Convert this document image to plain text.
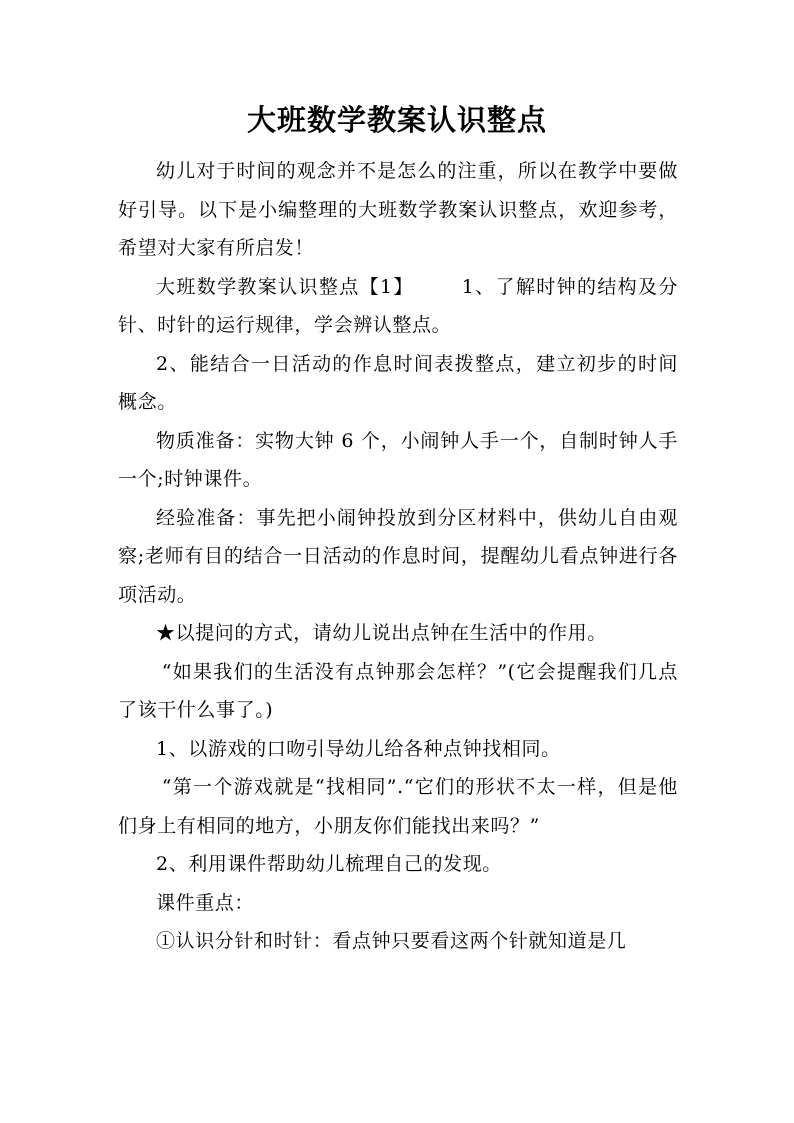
大班数学教案认识整点

幼儿对于时间的观念并不是怎么的注重，所以在教学中要做好引导。以下是小编整理的大班数学教案认识整点，欢迎参考，希望对大家有所启发！

大班数学教案认识整点【1】	1、了解时钟的结构及分针、时针的运行规律，学会辨认整点。

2、能结合一日活动的作息时间表拨整点，建立初步的时间概念。

物质准备：实物大钟 6 个，小闹钟人手一个，自制时钟人手一个;时钟课件。

经验准备：事先把小闹钟投放到分区材料中，供幼儿自由观察;老师有目的结合一日活动的作息时间，提醒幼儿看点钟进行各项活动。

★以提问的方式，请幼儿说出点钟在生活中的作用。

“如果我们的生活没有点钟那会怎样？”(它会提醒我们几点了该干什么事了。)

1、以游戏的口吻引导幼儿给各种点钟找相同。

“第一个游戏就是“找相同”.“它们的形状不太一样，但是他们身上有相同的地方，小朋友你们能找出来吗？”

2、利用课件帮助幼儿梳理自己的发现。

课件重点：

①认识分针和时针：看点钟只要看这两个针就知道是几
